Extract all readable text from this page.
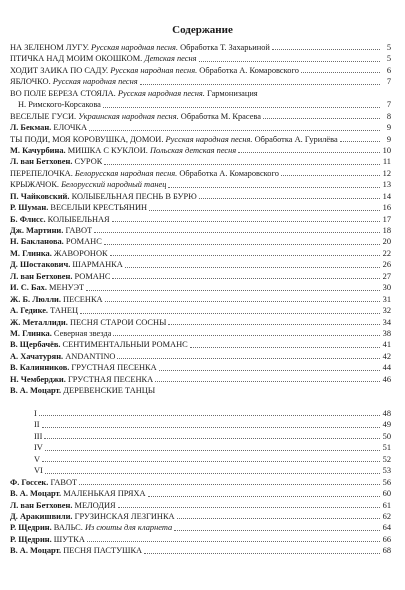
Содержание
НА ЗЕЛЁНОМ ЛУГУ. Русская народная песня. Обработка Т. Захарьиной	5
ПТИЧКА НАД МОИМ ОКОШКОМ. Детская песня	5
ХОДИТ ЗАЙКА ПО САДУ. Русская народная песня. Обработка А. Комаровского	6
ЯБЛОЧКО. Русская народная песня	7
ВО ПОЛЕ БЕРЁЗА СТОЯЛА. Русская народная песня. Гармонизация
Н. Римского-Корсакова	7
ВЕСЁЛЫЕ ГУСИ. Украинская народная песня. Обработка М. Красева	8
Л. Бекман. ЁЛОЧКА	9
ТЫ ПОДИ, МОЯ КОРОВУШКА, ДОМОЙ. Русская народная песня. Обработка А. Гурилёва	9
М. Качурбина. МИШКА С КУКЛОЙ. Польская детская песня	10
Л. ван Бетховен. СУРОК	11
ПЕРЕПЁЛОЧКА. Белорусская народная песня. Обработка А. Комаровского	12
КРЫЖАЧОК. Белорусский народный танец	13
П. Чайковский. КОЛЫБЕЛЬНАЯ ПЕСНЬ В БУРЮ	14
Р. Шуман. ВЕСЁЛЫЙ КРЕСТЬЯНИН	16
Б. Флисс. КОЛЫБЕЛЬНАЯ	17
Дж. Мартини. ГАВОТ	18
Н. Бакланова. РОМАНС	20
М. Глинка. ЖАВОРОНОК	22
Д. Шостакович. ШАРМАНКА	26
Л. ван Бетховен. РОМАНС	27
И. С. Бах. МЕНУЭТ	30
Ж. Б. Люлли. ПЕСЕНКА	31
А. Гедике. ТАНЕЦ	32
Ж. Металлиди. ПЕСНЯ СТАРОЙ СОСНЫ	34
М. Глинка. Северная звезда	38
В. Щербачёв. СЕНТИМЕНТАЛЬНЫЙ РОМАНС	41
А. Хачатурян. ANDANTINO	42
В. Калинников. ГРУСТНАЯ ПЕСЕНКА	44
Н. Чемберджи. ГРУСТНАЯ ПЕСЕНКА	46
В. А. Моцарт. ДЕРЕВЕНСКИЕ ТАНЦЫ
I	48
II	49
III	50
IV	51
V	52
VI	53
Ф. Госсек. ГАВОТ	56
В. А. Моцарт. МАЛЕНЬКАЯ ПРЯХА	60
Л. ван Бетховен. МЕЛОДИЯ	61
Д. Аракишвили. ГРУЗИНСКАЯ ЛЕЗГИНКА	62
Р. Щедрин. ВАЛЬС. Из сюиты для кларнета	64
Р. Щедрин. ШУТКА	66
В. А. Моцарт. ПЕСНЯ ПАСТУШКА	68
